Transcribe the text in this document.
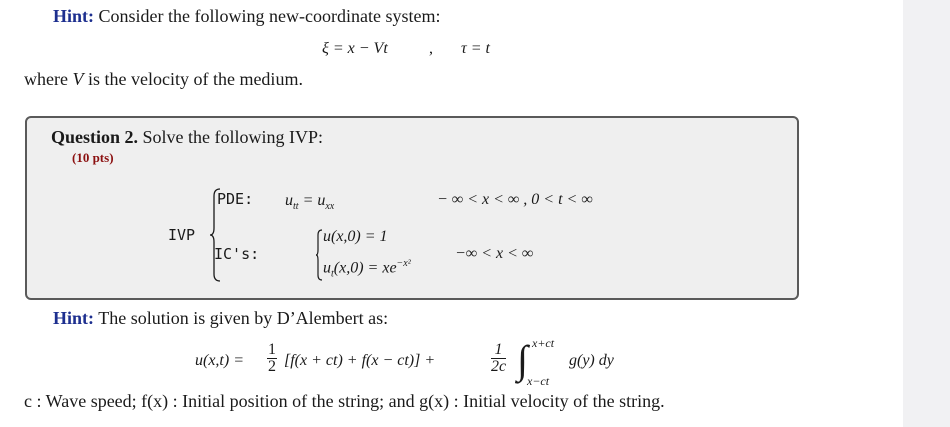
Hint: Consider the following new-coordinate system:
ξ = x − Vt	, τ = t
where V is the velocity of the medium.
Question 2. Solve the following IVP:
(10 pts)
IVP
PDE: $u_{tt} = u_{xx}$	− ∞ < x < ∞ , 0 < t < ∞
IC's:
u(x,0) = 1
$u_t(x,0) = xe^{-x^2}$
−∞ < x < ∞
Hint: The solution is given by D’Alembert as:
$u(x,t) = \frac{1}{2} [f(x + ct) + f(x - ct)]$ +	$\frac{1}{2c}$ ∫ x+ct
x−ct
g(y) dy
c : Wave speed; f(x) : Initial position of the string; and g(x) : Initial velocity of the string.
